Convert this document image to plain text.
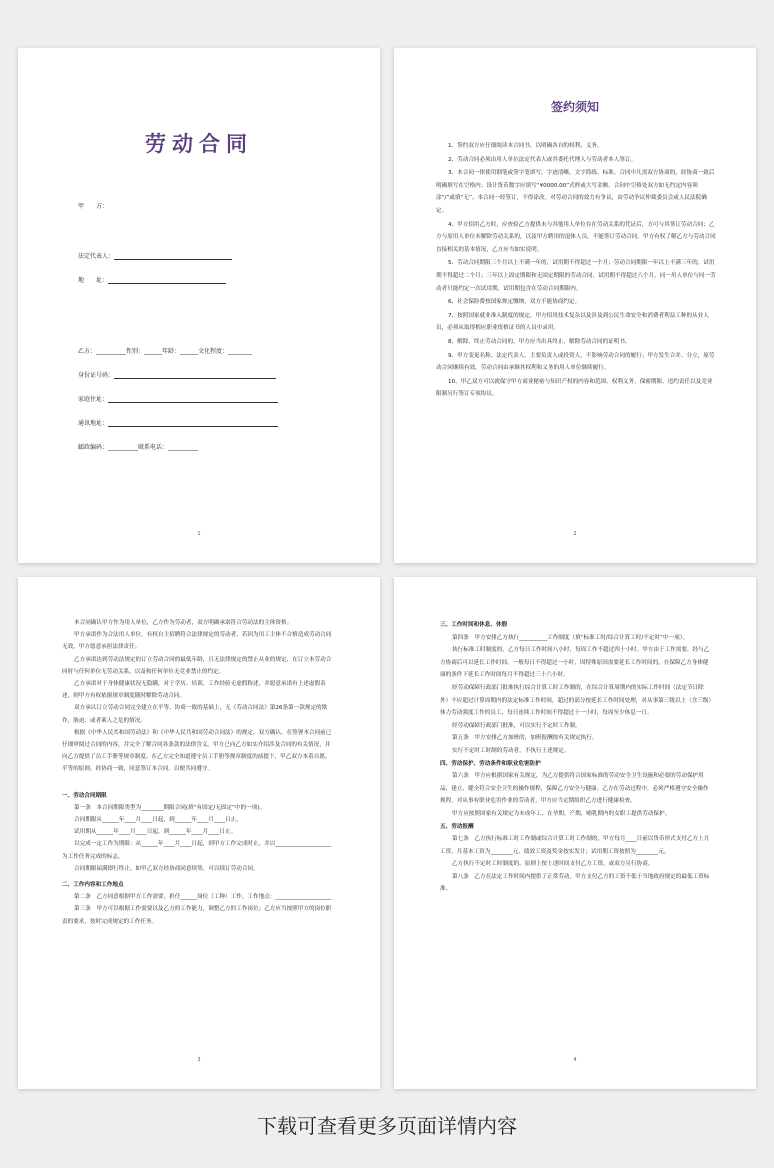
劳动合同
甲　　方：
法定代表人：
地　　址：
乙方：__________性别：______年龄：______文化程度：________
身份证号码：
家庭住址：
通讯地址：
邮政编码：__________联系电话：__________
1
签约须知

1、签约双方应仔细阅读本合同书，以明确各自的权利、义务。

2、劳动合同必须由用人单位法定代表人或其委托代理人与劳动者本人签订。

3、本合同一律使用钢笔或签字笔填写，字迹清晰，文字简练、标准。合同中凡需双方协商的，经协商一致后明确填写在空格内；设计货币数字应填写“¥0000.00”式样或大写金额。合同中空格处双方如无约定内容须涂“/”或填“无”。本合同一经签订，不得涂改。对劳动合同的效力有争议，由劳动争议仲裁委员会或人民法院确定。

4、甲方招用乙方时，应查验乙方提供未与其他用人单位存在劳动关系的凭证后，方可与其签订劳动合同；乙方与原用人单位未解除劳动关系的，以及甲方聘用的退休人员，不能签订劳动合同。甲方有权了解乙方与劳动合同直接相关的基本情况，乙方应当如实说明。

5、劳动合同期限三个月以上不满一年的，试用期不得超过一个月；劳动合同期限一年以上不满三年的，试用期不得超过二个月；三年以上固定期限和无固定期限的劳动合同，试用期不得超过六个月。同一用人单位与同一劳动者只能约定一次试用期，试用期包含在劳动合同期限内。

6、社会保险费按国家规定缴纳，双方不能协商约定。

7、按照国家就业准入制度的规定，甲方招用技术复杂以及涉及到公民生命安全和消费者利益工种的从业人员，必须从取得相应职业资格证书的人员中录用。

8、解除、终止劳动合同的，甲方应当出具终止、解除劳动合同的证明书。

9、甲方变更名称、法定代表人、主要负责人或投资人，不影响劳动合同的履行；甲方发生合并、分立，原劳动合同继续有效，劳动合同由承继其权利和义务的用人单位继续履行。

10、甲乙双方可以就保守甲方商业秘密与知识产权的内容和范围、权利义务、保密期限、违约责任以及竞业限制另行签订专项协议。

2

本合同确认甲方作为用人单位，乙方作为劳动者，双方明确承诺符合劳动法的主体资格。

甲方承诺作为合法用人单位，有权自主招聘符合法律规定的劳动者。若因为用工主体不合格造成劳动合同无效，甲方愿意承担法律责任。

乙方承诺达到劳动法规定的订立劳动合同的最低年龄，且无法律规定的禁止从业的规定，在订立本劳动合同时与任何单位无劳动关系，以及和任何单位无竞业禁止的约定。

乙方承诺对于身体健康状况无隐瞒，对于学历、培训，工作经验无虚假称述，并愿意承诺有上述虚假表述，则甲方有权依据规章制度随时解除劳动合同。

双方承认订立劳动合同完全建立在平等、协商一致的基础上，无《劳动合同法》第26条第一款规定的欺诈，胁迫，或者乘人之危的情况。

根据《中华人民共和国劳动法》和《中华人民共和国劳动合同法》的规定，双方确认，在签署本合同前已仔细审阅过合同的内容，并完全了解合同各条款的法律含义。甲方已向乙方如实介绍涉及合同的有关情况，并向乙方提供了员工手册等规章制度。在乙方完全知道遵守员工手册等规章制度的前提下，甲乙双方本着自愿、平等的原则，经协商一致，同意签订本合同，以便共同遵守。

一、劳动合同期限

第一条　本合同期限类型为________期限合同(填“有固定/无固定”中的一项)。

合同期限从______年____月____日起，到______年____月____日止。

试用期从______年____月____日起，到______年____月____日止。

以完成一定工作为期限：从______年____月____日起，到甲方工作完成时止，并以____________________为工作任务完成的标志。

合同期限届满即行终止，如甲乙双方经协商同意续签，可以续订劳动合同。

二、工作内容和工作地点

第二条　乙方同意根据甲方工作需要，担任______岗位（工种）工作。工作地点：____________________

第三条　甲方可以根据工作需要以及乙方的工作能力，调整乙方的工作岗位；乙方应当按照甲方的岗位职责的要求，按时完成规定的工作任务。

3

三、工作时间和休息、休假

第四条　甲方安排乙方执行__________工作制度（填“标准工时/综合计算工时/不定时”中一项）。

执行标准工时制度的，乙方每日工作时间八小时，每周工作不超过四十小时。甲方由于工作需要，经与乙方协商后可以延长工作时间，一般每日不得超过一小时，因特殊原因需要延长工作时间的，在保障乙方身体健康的条件下延长工作时间每月不得超过三十六小时。

经劳动保障行政部门批准执行综合计算工时工作制的，在综合计算周期内的实际工作时间（法定节日除外）不应超过计算周期内的法定标准工作时间，超过的部分按延长工作时间处理，对从事第三级以上（含三级）体力劳动强度工作的员工，每日连续工作时间不得超过十一小时，每周至少休息一日。

经劳动保障行政部门批准，可以实行不定时工作制。

第五条　甲方安排乙方加班的，加班报酬按有关规定执行。

实行不定时工时制的劳动者，不执行上述规定。

四、劳动保护、劳动条件和职业危害防护

第六条　甲方应根据国家有关规定，为乙方提供符合国家标准的劳动安全卫生设施和必要的劳动保护用品，建立、健全符合安全卫生的操作规程，保障乙方安全与健康。乙方在劳动过程中，必须严格遵守安全操作规程。对从事有职业危害作业的劳动者，甲方应当定期组织乙方进行健康检查。

甲方应按照国家有关规定为未成年工、在孕期、产期、哺乳期内的女职工提供劳动保护。

五、劳动报酬

第七条　乙方执行标准工时工作制或综合计算工时工作制的，甲方每月____日前以货币形式支付乙方上月工资，月基本工资为________元，绩效工资及奖金按实发计；试用期工资按照为________元。

乙方执行不定时工时制度的，原则上按上述时间支付乙方工资，或双方另行协商。

第八条　乙方在法定工作时间内提供了正常劳动，甲方支付乙方的工资不低于当地政府规定的最低工资标准。

4
下载可查看更多页面详情内容
